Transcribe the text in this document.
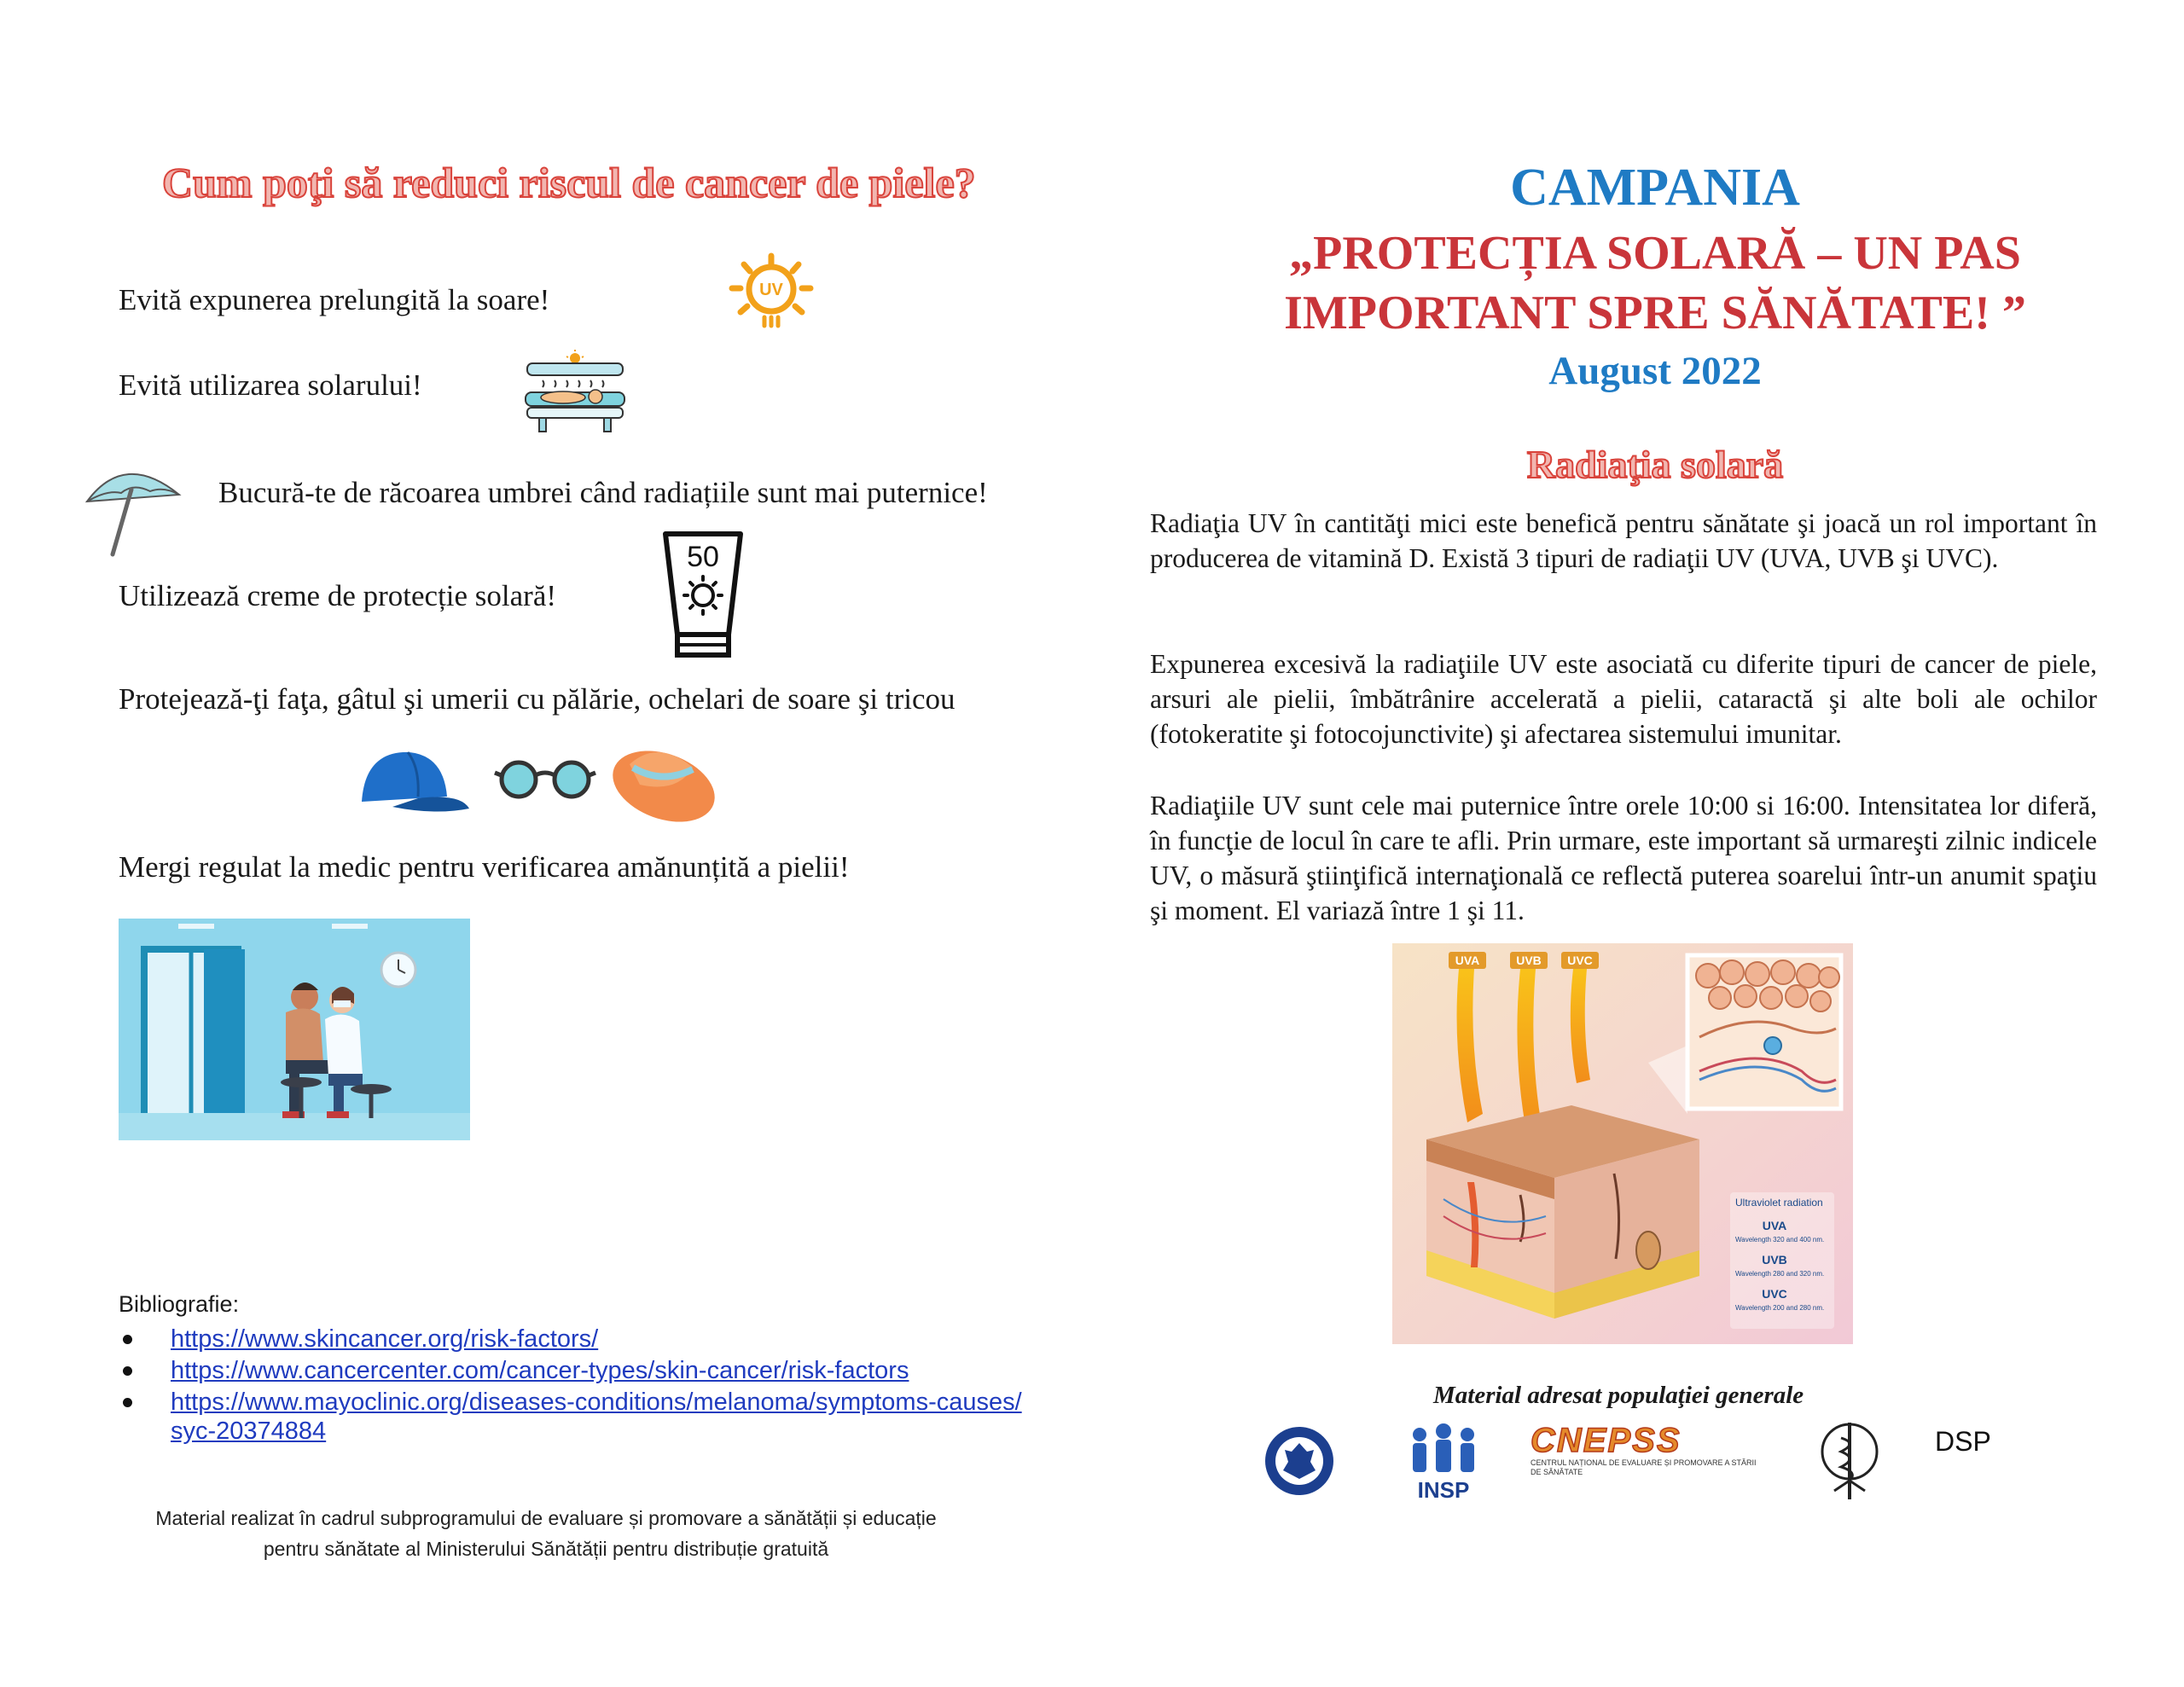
Cum poţi să reduci riscul de cancer de piele?
Evită expunerea prelungită la soare!	UV
Evită utilizarea solarului!
Bucură-te de răcoarea umbrei când radiațiile sunt mai puternice!
Utilizează creme de protecție solară!
50
Protejează-ţi faţa, gâtul şi umerii cu pălărie, ochelari de soare şi tricou
Mergi regulat la medic pentru verificarea amănunțită a pielii!
Bibliografie:
https://www.skincancer.org/risk-factors/
https://www.cancercenter.com/cancer-types/skin-cancer/risk-factors
https://www.mayoclinic.org/diseases-conditions/melanoma/symptoms-causes/syc-20374884
Material realizat în cadrul subprogramului de evaluare și promovare a sănătății și educație
pentru sănătate al Ministerului Sănătății pentru distribuție gratuită
CAMPANIA
„PROTECȚIA SOLARĂ – UN PAS
IMPORTANT SPRE SĂNĂTATE! ”
August 2022
Radiaţia solară
Radiaţia UV în cantităţi mici este benefică pentru sănătate şi joacă un rol important în producerea de vitamină D. Există 3 tipuri de radiaţii UV (UVA, UVB şi UVC).
Expunerea excesivă la radiaţiile UV este asociată cu diferite tipuri de cancer de piele, arsuri ale pielii, îmbătrânire accelerată a pielii, cataractă şi alte boli ale ochilor (fotokeratite şi fotocojunctivite) şi afectarea sistemului imunitar.
Radiaţiile UV sunt cele mai puternice între orele 10:00 si 16:00. Intensitatea lor diferă, în funcţie de locul în care te afli. Prin urmare, este important să urmareşti zilnic indicele UV, o măsură ştiinţifică internaţională ce reflectă puterea soarelui într-un anumit spaţiu şi moment. El variază între 1 şi 11.
UVA	UVB UVC
Ultraviolet radiation
UVA
Wavelength 320 and 400 nm.
UVB
Wavelength 280 and 320 nm.
UVC
Wavelength 200 and 280 nm.
Material adresat populaţiei generale
INSP
CNEPSS
CENTRUL NAȚIONAL DE EVALUARE ȘI PROMOVARE A STĂRII DE SĂNĂTATE
DSP
